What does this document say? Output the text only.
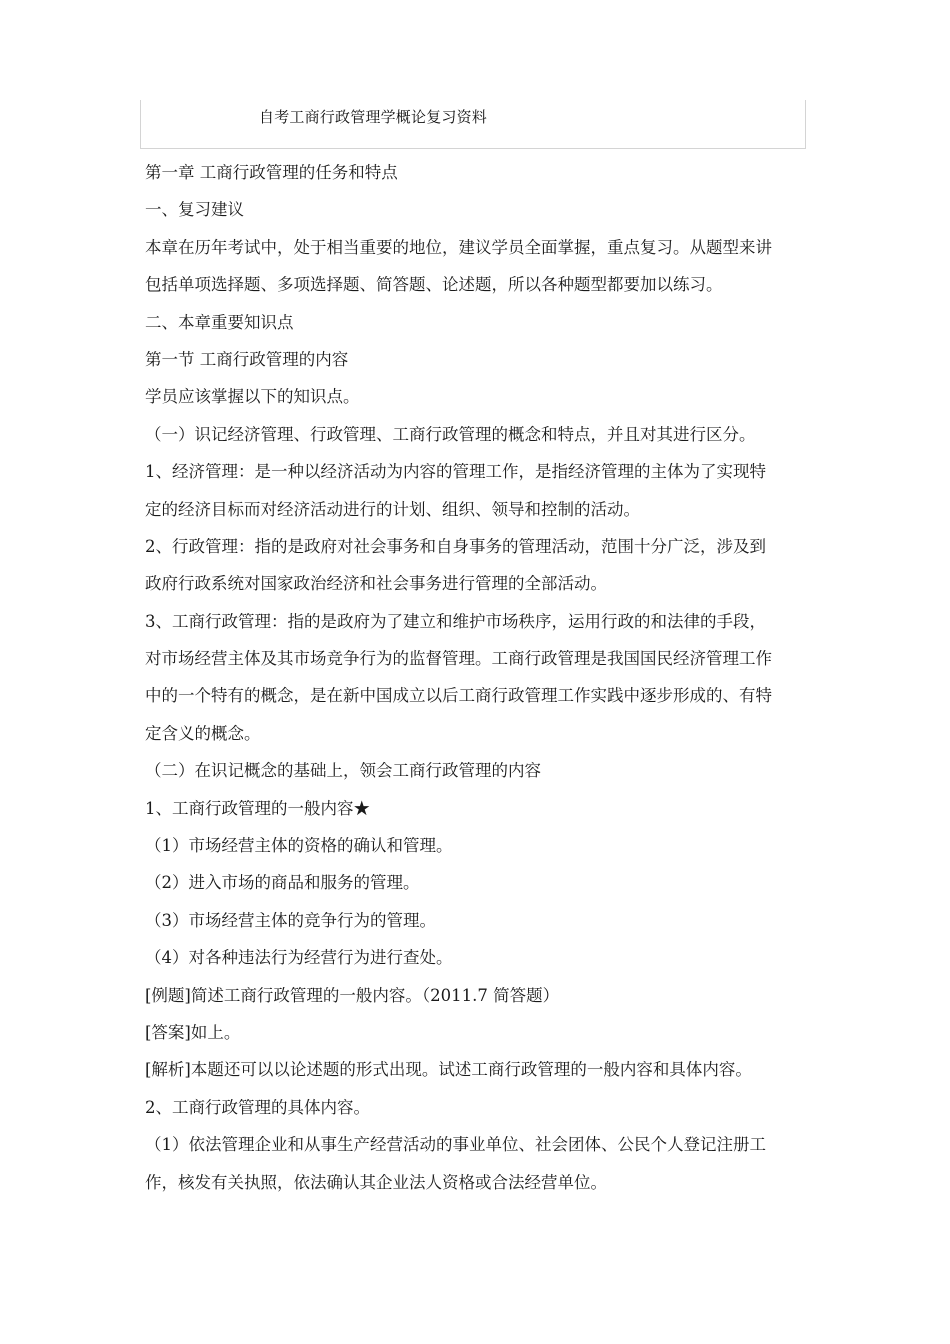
自考工商行政管理学概论复习资料
第一章 工商行政管理的任务和特点
一、复习建议
本章在历年考试中，处于相当重要的地位，建议学员全面掌握，重点复习。从题型来讲
包括单项选择题、多项选择题、简答题、论述题，所以各种题型都要加以练习。
二、本章重要知识点
第一节 工商行政管理的内容
学员应该掌握以下的知识点。
（一）识记经济管理、行政管理、工商行政管理的概念和特点，并且对其进行区分。
1、经济管理：是一种以经济活动为内容的管理工作，是指经济管理的主体为了实现特
定的经济目标而对经济活动进行的计划、组织、领导和控制的活动。
2、行政管理：指的是政府对社会事务和自身事务的管理活动，范围十分广泛，涉及到
政府行政系统对国家政治经济和社会事务进行管理的全部活动。
3、工商行政管理：指的是政府为了建立和维护市场秩序，运用行政的和法律的手段，
对市场经营主体及其市场竞争行为的监督管理。工商行政管理是我国国民经济管理工作
中的一个特有的概念，是在新中国成立以后工商行政管理工作实践中逐步形成的、有特
定含义的概念。
（二）在识记概念的基础上，领会工商行政管理的内容
1、工商行政管理的一般内容★
（1）市场经营主体的资格的确认和管理。
（2）进入市场的商品和服务的管理。
（3）市场经营主体的竞争行为的管理。
（4）对各种违法行为经营行为进行查处。
[例题]简述工商行政管理的一般内容。（2011.7 简答题）
[答案]如上。
[解析]本题还可以以论述题的形式出现。试述工商行政管理的一般内容和具体内容。
2、工商行政管理的具体内容。
（1）依法管理企业和从事生产经营活动的事业单位、社会团体、公民个人登记注册工
作，核发有关执照，依法确认其企业法人资格或合法经营单位。
